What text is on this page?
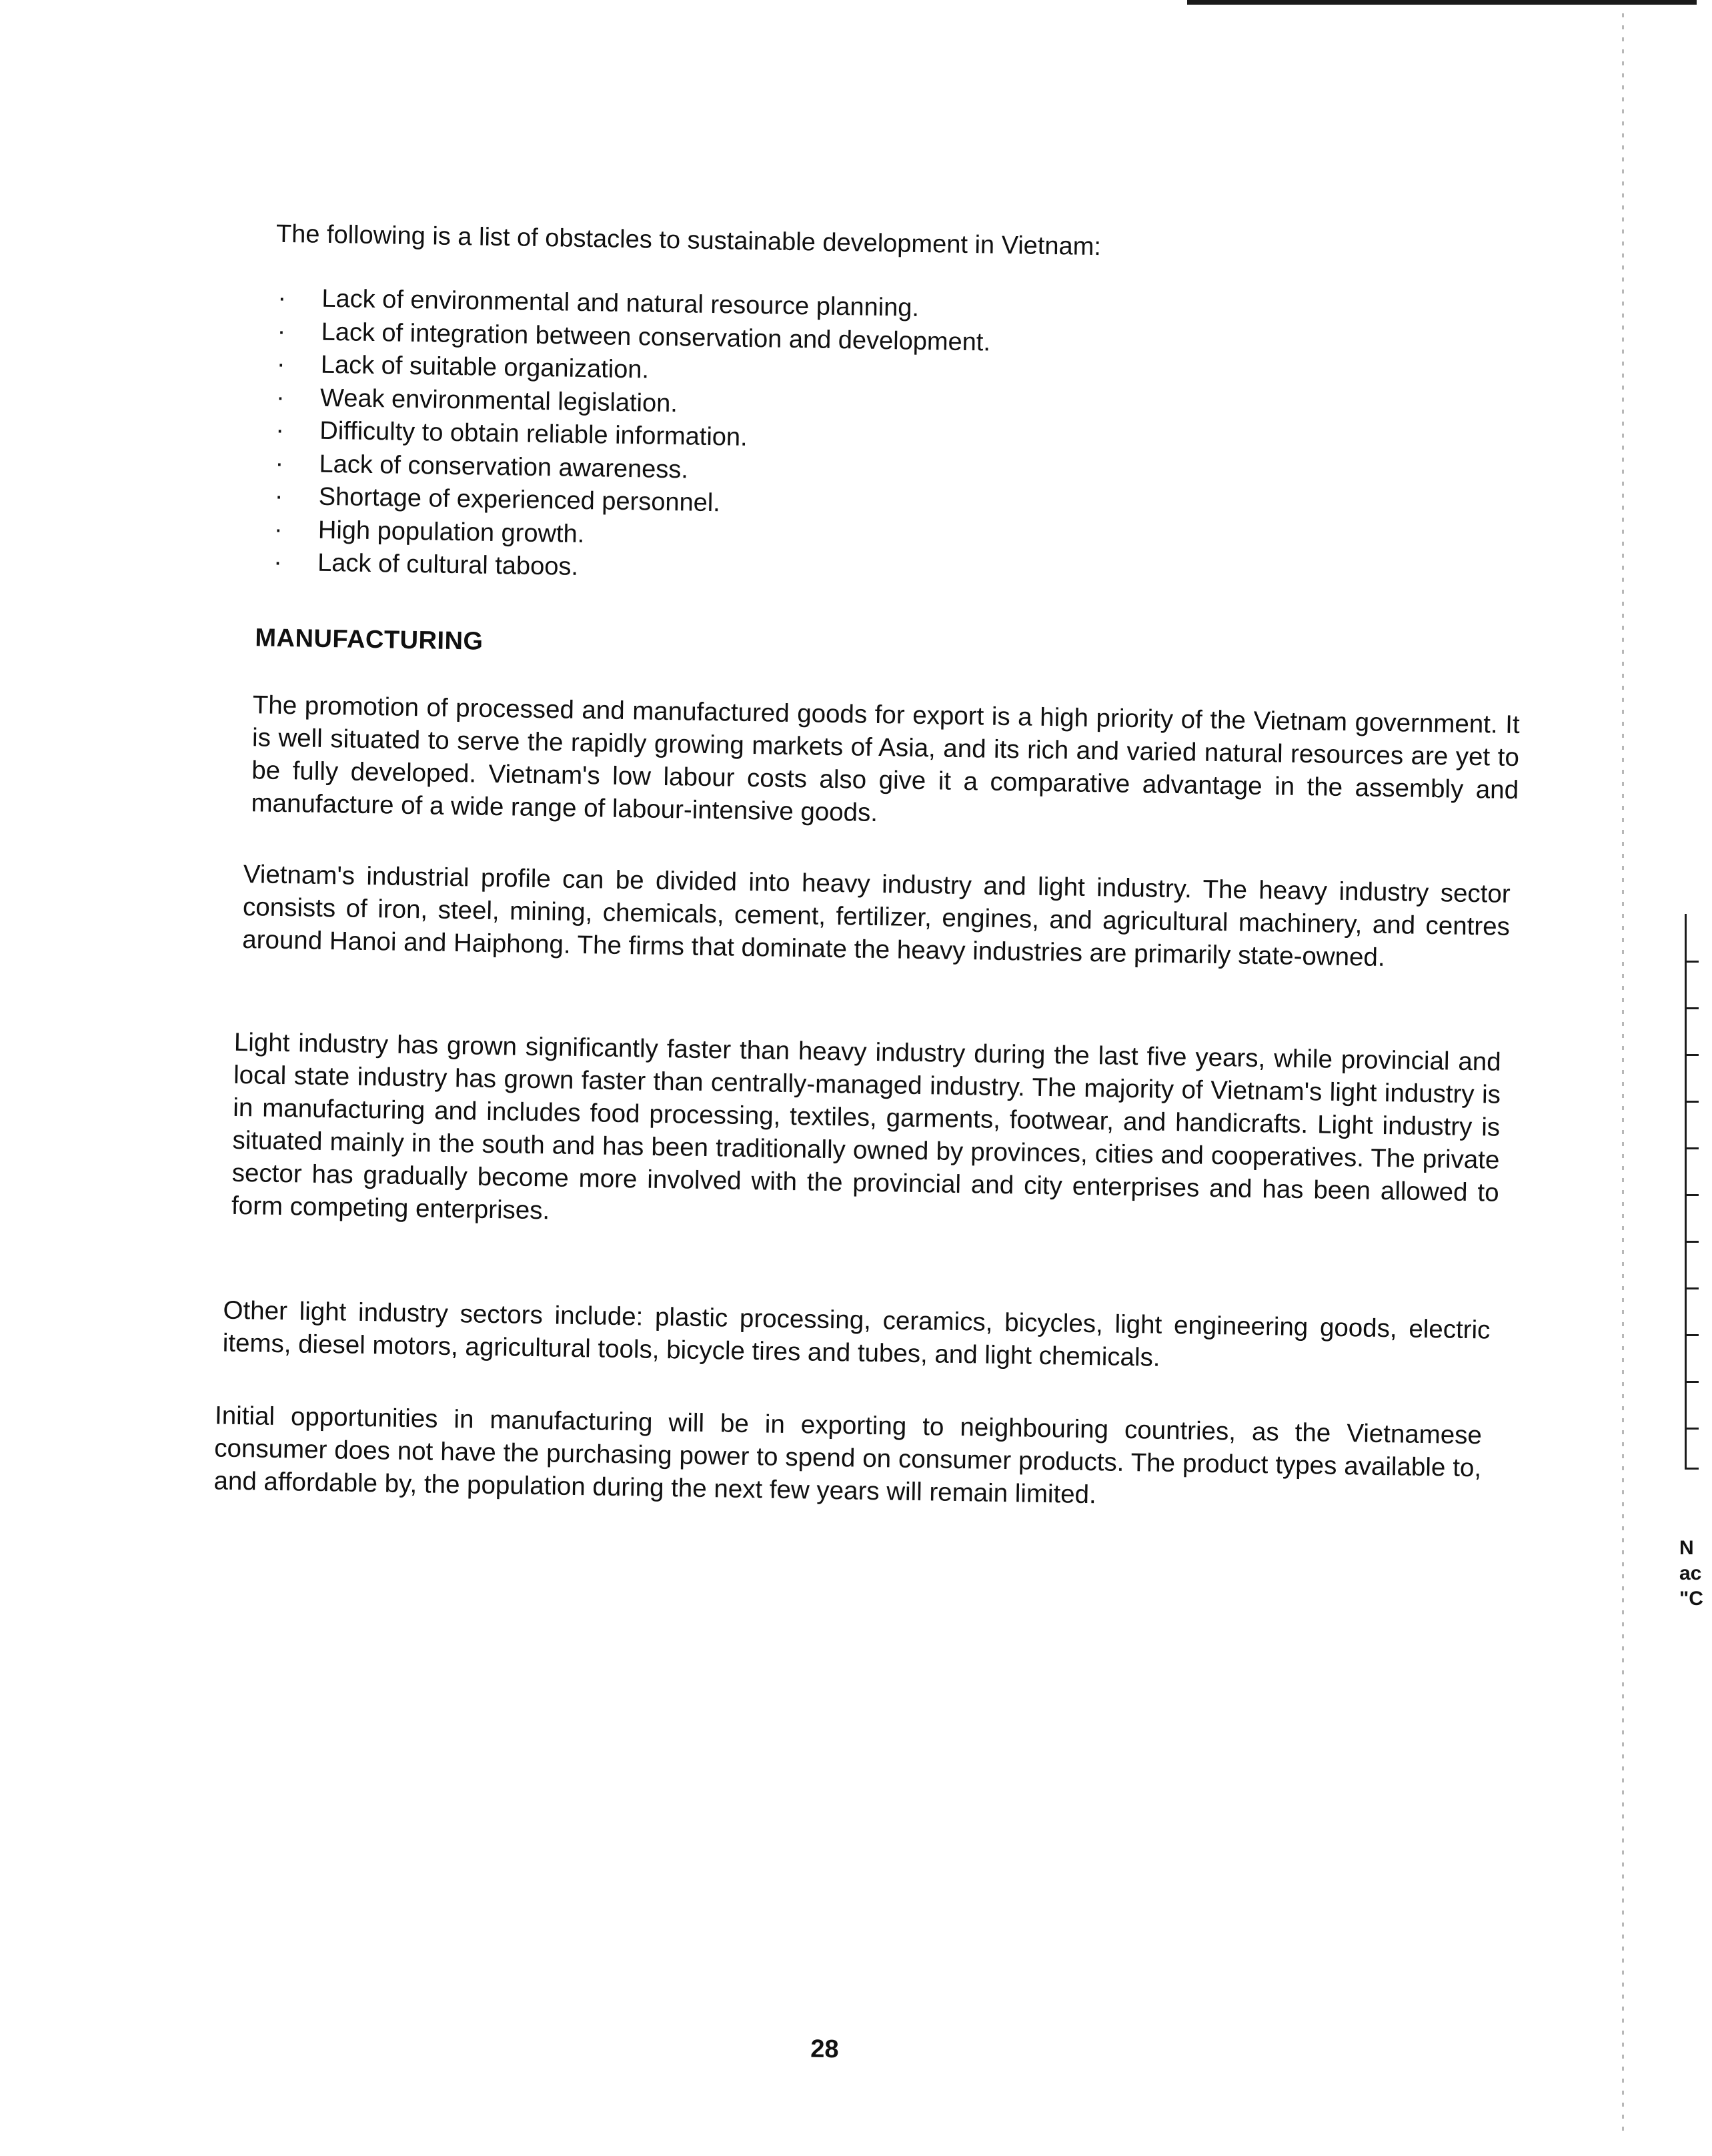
N
ac
"C
The following is a list of obstacles to sustainable development in Vietnam:
· Lack of environmental and natural resource planning.
· Lack of integration between conservation and development.
· Lack of suitable organization.
· Weak environmental legislation.
· Difficulty to obtain reliable information.
· Lack of conservation awareness.
· Shortage of experienced personnel.
· High population growth.
· Lack of cultural taboos.
MANUFACTURING

The promotion of processed and manufactured goods for export is a high priority of the Vietnam government. It is well situated to serve the rapidly growing markets of Asia, and its rich and varied natural resources are yet to be fully developed. Vietnam's low labour costs also give it a comparative advantage in the assembly and manufacture of a wide range of labour-intensive goods.

Vietnam's industrial profile can be divided into heavy industry and light industry. The heavy industry sector consists of iron, steel, mining, chemicals, cement, fertilizer, engines, and agricultural machinery, and centres around Hanoi and Haiphong. The firms that dominate the heavy industries are primarily state-owned.

Light industry has grown significantly faster than heavy industry during the last five years, while provincial and local state industry has grown faster than centrally-managed industry. The majority of Vietnam's light industry is in manufacturing and includes food processing, textiles, garments, footwear, and handicrafts. Light industry is situated mainly in the south and has been traditionally owned by provinces, cities and cooperatives. The private sector has gradually become more involved with the provincial and city enterprises and has been allowed to form competing enterprises.

Other light industry sectors include: plastic processing, ceramics, bicycles, light engineering goods, electric items, diesel motors, agricultural tools, bicycle tires and tubes, and light chemicals.

Initial opportunities in manufacturing will be in exporting to neighbouring countries, as the Vietnamese consumer does not have the purchasing power to spend on consumer products. The product types available to, and affordable by, the population during the next few years will remain limited.

28
